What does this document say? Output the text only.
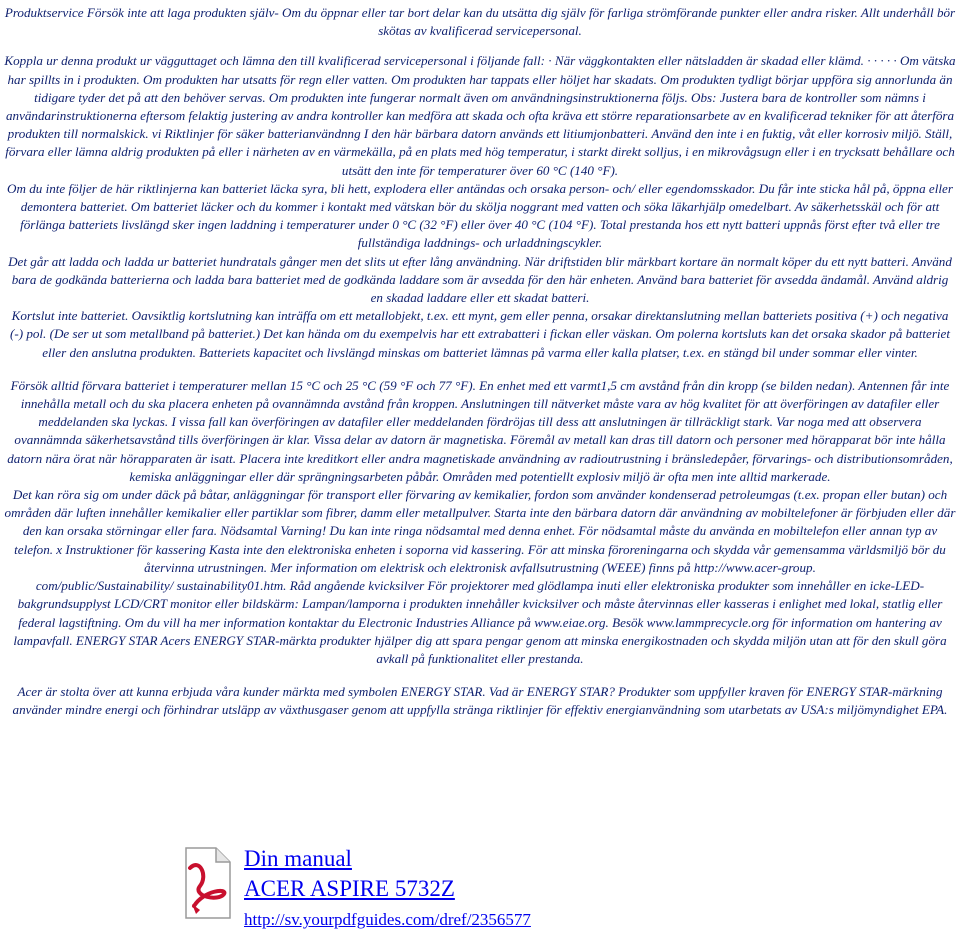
Produktservice Försök inte att laga produkten själv- Om du öppnar eller tar bort delar kan du utsätta dig själv för farliga strömförande punkter eller andra risker. Allt underhåll bör skötas av kvalificerad servicepersonal.

Koppla ur denna produkt ur vägguttaget och lämna den till kvalificerad servicepersonal i följande fall: · När väggkontakten eller nätsladden är skadad eller klämd. · · · · · Om vätska har spillts in i produkten. Om produkten har utsatts för regn eller vatten. Om produkten har tappats eller höljet har skadats. Om produkten tydligt börjar uppföra sig annorlunda än tidigare tyder det på att den behöver servas. Om produkten inte fungerar normalt även om användningsinstruktionerna följs. Obs: Justera bara de kontroller som nämns i användarinstruktionerna eftersom felaktig justering av andra kontroller kan medföra att skada och ofta kräva ett större reparationsarbete av en kvalificerad tekniker för att återföra produkten till normalskick. vi Riktlinjer för säker batterianvändnng I den här bärbara datorn används ett litiumjonbatteri. Använd den inte i en fuktig, våt eller korrosiv miljö. Ställ, förvara eller lämna aldrig produkten på eller i närheten av en värmekälla, på en plats med hög temperatur, i starkt direkt solljus, i en mikrovågsugn eller i en trycksatt behållare och utsätt den inte för temperaturer över 60 °C (140 °F).

Om du inte följer de här riktlinjerna kan batteriet läcka syra, bli hett, explodera eller antändas och orsaka person- och/ eller egendomsskador. Du får inte sticka hål på, öppna eller demontera batteriet. Om batteriet läcker och du kommer i kontakt med vätskan bör du skölja noggrant med vatten och söka läkarhjälp omedelbart. Av säkerhetsskäl och för att förlänga batteriets livslängd sker ingen laddning i temperaturer under 0 °C (32 °F) eller över 40 °C (104 °F). Total prestanda hos ett nytt batteri uppnås först efter två eller tre fullständiga laddnings- och urladdningscykler.

Det går att ladda och ladda ur batteriet hundratals gånger men det slits ut efter lång användning. När driftstiden blir märkbart kortare än normalt köper du ett nytt batteri. Använd bara de godkända batterierna och ladda bara batteriet med de godkända laddare som är avsedda för den här enheten. Använd bara batteriet för avsedda ändamål. Använd aldrig en skadad laddare eller ett skadat batteri.

Kortslut inte batteriet. Oavsiktlig kortslutning kan inträffa om ett metallobjekt, t.ex. ett mynt, gem eller penna, orsakar direktanslutning mellan batteriets positiva (+) och negativa (-) pol. (De ser ut som metallband på batteriet.) Det kan hända om du exempelvis har ett extrabatteri i fickan eller väskan. Om polerna kortsluts kan det orsaka skador på batteriet eller den anslutna produkten. Batteriets kapacitet och livslängd minskas om batteriet lämnas på varma eller kalla platser, t.ex. en stängd bil under sommar eller vinter.

Försök alltid förvara batteriet i temperaturer mellan 15 °C och 25 °C (59 °F och 77 °F). En enhet med ett varmt1,5 cm avstånd från din kropp (se bilden nedan). Antennen får inte innehålla metall och du ska placera enheten på ovannämnda avstånd från kroppen. Anslutningen till nätverket måste vara av hög kvalitet för att överföringen av datafiler eller meddelanden ska lyckas. I vissa fall kan överföringen av datafiler eller meddelanden fördröjas till dess att anslutningen är tillräckligt stark. Var noga med att observera ovannämnda säkerhetsavstånd tills överföringen är klar. Vissa delar av datorn är magnetiska. Föremål av metall kan dras till datorn och personer med hörapparat bör inte hålla datorn nära örat när hörapparaten är isatt. Placera inte kreditkort eller andra magnetiskade användning av radioutrustning i bränsledepåer, förvarings- och distributionsområden, kemiska anläggningar eller där sprängningsarbeten påbår. Områden med potentiellt explosiv miljö är ofta men inte alltid markerade.

Det kan röra sig om under däck på båtar, anläggningar för transport eller förvaring av kemikalier, fordon som använder kondenserad petroleumgas (t.ex. propan eller butan) och områden där luften innehåller kemikalier eller partiklar som fibrer, damm eller metallpulver. Starta inte den bärbara datorn där användning av mobiltelefoner är förbjuden eller där den kan orsaka störningar eller fara. Nödsamtal Varning! Du kan inte ringa nödsamtal med denna enhet. För nödsamtal måste du använda en mobiltelefon eller annan typ av telefon. x Instruktioner för kassering Kasta inte den elektroniska enheten i soporna vid kassering. För att minska föroreningarna och skydda vår gemensamma världsmiljö bör du återvinna utrustningen. Mer information om elektrisk och elektronisk avfallsutrustning (WEEE) finns på http://www.acer-group.

com/public/Sustainability/ sustainability01.htm. Råd angående kvicksilver För projektorer med glödlampa inuti eller elektroniska produkter som innehåller en icke-LED-bakgrundsupplyst LCD/CRT monitor eller bildskärm: Lampan/lamporna i produkten innehåller kvicksilver och måste återvinnas eller kasseras i enlighet med lokal, statlig eller federal lagstiftning. Om du vill ha mer information kontaktar du Electronic Industries Alliance på www.eiae.org. Besök www.lammprecycle.org för information om hantering av lampavfall. ENERGY STAR Acers ENERGY STAR-märkta produkter hjälper dig att spara pengar genom att minska energikostnaden och skydda miljön utan att för den skull göra avkall på funktionalitet eller prestanda.

Acer är stolta över att kunna erbjuda våra kunder märkta med symbolen ENERGY STAR. Vad är ENERGY STAR? Produkter som uppfyller kraven för ENERGY STAR-märkning använder mindre energi och förhindrar utsläpp av växthusgaser genom att uppfylla stränga riktlinjer för effektiv energianvändning som utarbetats av USA:s miljömyndighet EPA.

Din manual
ACER ASPIRE 5732Z
http://sv.yourpdfguides.com/dref/2356577
